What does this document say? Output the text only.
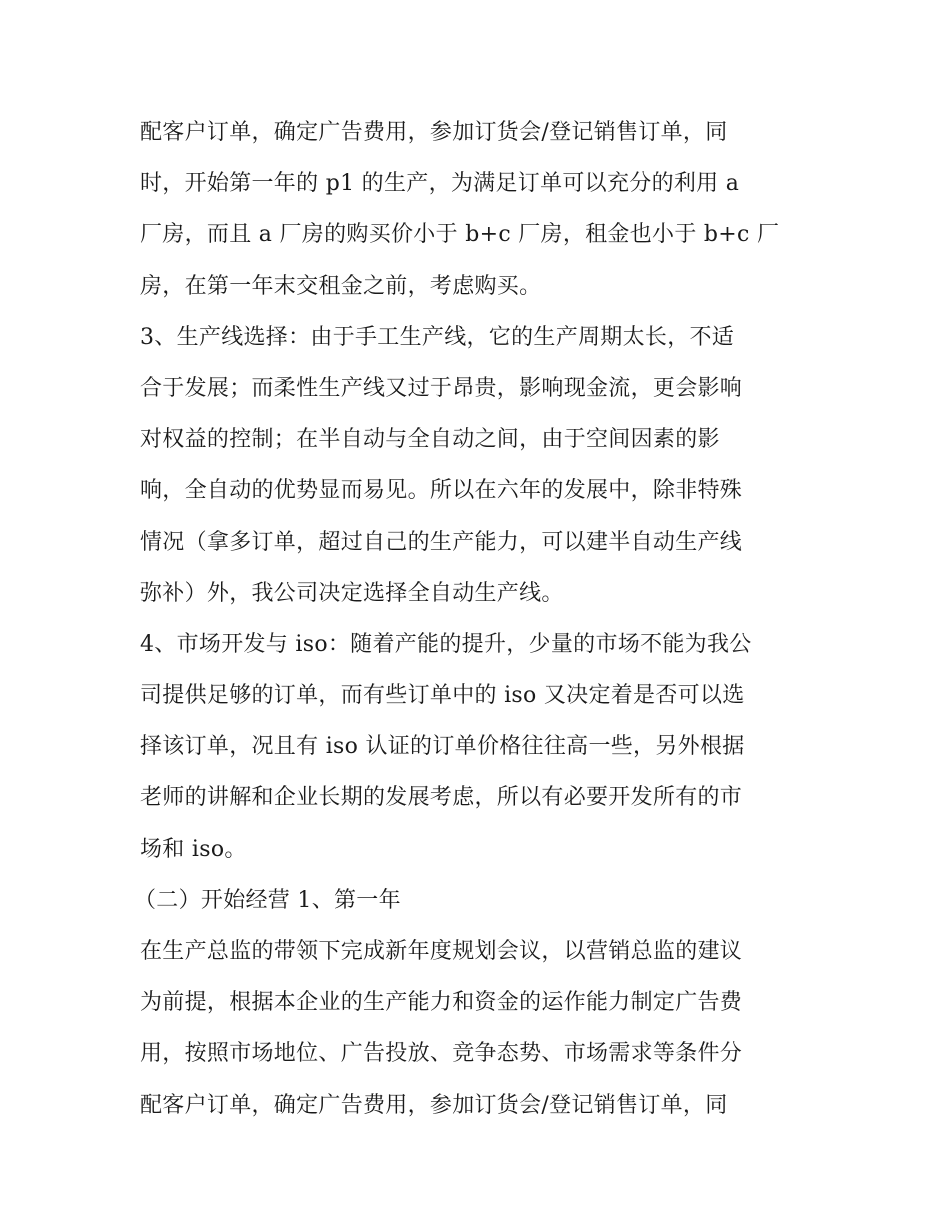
配客户订单，确定广告费用，参加订货会/登记销售订单，同
时，开始第一年的 p1 的生产，为满足订单可以充分的利用 a
厂房，而且 a 厂房的购买价小于 b+c 厂房，租金也小于 b+c 厂
房，在第一年末交租金之前，考虑购买。
3、生产线选择：由于手工生产线，它的生产周期太长，不适
合于发展；而柔性生产线又过于昂贵，影响现金流，更会影响
对权益的控制；在半自动与全自动之间，由于空间因素的影
响，全自动的优势显而易见。所以在六年的发展中，除非特殊
情况（拿多订单，超过自己的生产能力，可以建半自动生产线
弥补）外，我公司决定选择全自动生产线。
4、市场开发与 iso：随着产能的提升，少量的市场不能为我公
司提供足够的订单，而有些订单中的 iso 又决定着是否可以选
择该订单，况且有 iso 认证的订单价格往往高一些，另外根据
老师的讲解和企业长期的发展考虑，所以有必要开发所有的市
场和 iso。
（二）开始经营 1、第一年
在生产总监的带领下完成新年度规划会议，以营销总监的建议
为前提，根据本企业的生产能力和资金的运作能力制定广告费
用，按照市场地位、广告投放、竞争态势、市场需求等条件分
配客户订单，确定广告费用，参加订货会/登记销售订单，同
